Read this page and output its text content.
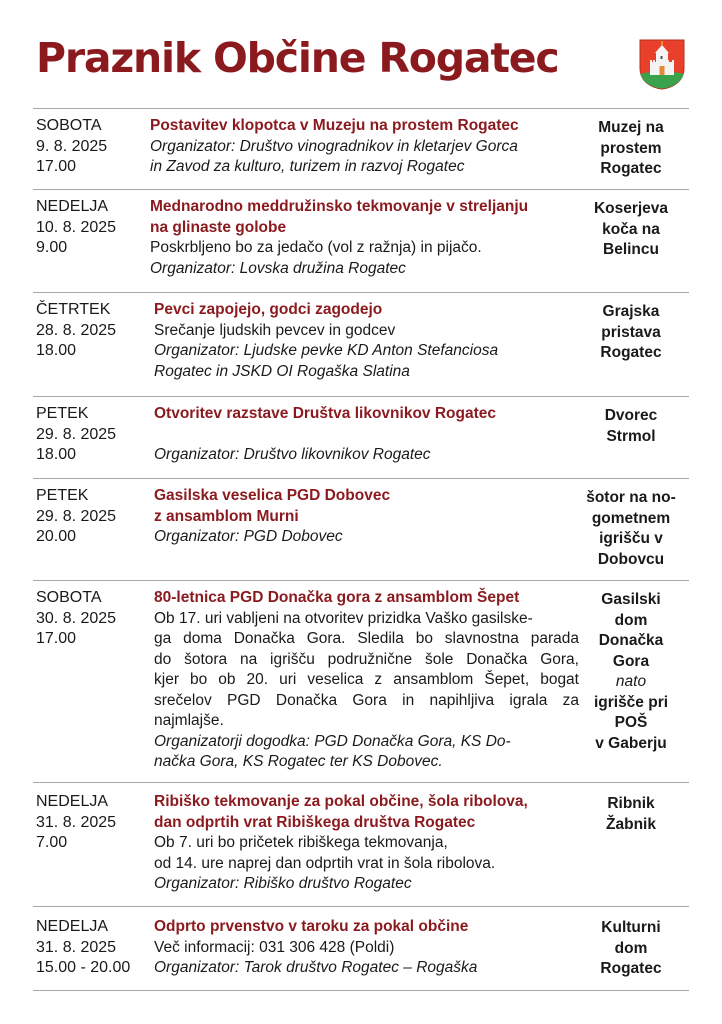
Praznik Občine Rogatec
SOBOTA
9. 8. 2025
17.00
Postavitev klopotca v Muzeju na prostem Rogatec
Organizator: Društvo vinogradnikov in kletarjev Gorca
in Zavod za kulturo, turizem in razvoj Rogatec
Muzej na
prostem
Rogatec
NEDELJA
10. 8. 2025
9.00
Mednarodno meddružinsko tekmovanje v streljanju
na glinaste golobe
Poskrbljeno bo za jedačo (vol z ražnja) in pijačo.
Organizator: Lovska družina Rogatec
Koserjeva
koča na
Belincu
ČETRTEK
28. 8. 2025
18.00
Pevci zapojejo, godci zagodejo
Srečanje ljudskih pevcev in godcev
Organizator: Ljudske pevke KD Anton Stefanciosa
Rogatec in JSKD OI Rogaška Slatina
Grajska
pristava
Rogatec
PETEK
29. 8. 2025
18.00
Otvoritev razstave Društva likovnikov Rogatec
Organizator: Društvo likovnikov Rogatec
Dvorec
Strmol
PETEK
29. 8. 2025
20.00
Gasilska veselica PGD Dobovec
z ansamblom Murni
Organizator: PGD Dobovec
šotor na no-
gometnem
igrišču v
Dobovcu
SOBOTA
30. 8. 2025
17.00
80-letnica PGD Donačka gora z ansamblom Šepet
Ob 17. uri vabljeni na otvoritev prizidka Vaško gasilske-
ga doma Donačka Gora. Sledila bo slavnostna parada
do šotora na igrišču podružnične šole Donačka Gora,
kjer bo ob 20. uri veselica z ansamblom Šepet, bogat
srečelov PGD Donačka Gora in napihljiva igrala za
najmlajše.
Organizatorji dogodka: PGD Donačka Gora, KS Do-
načka Gora, KS Rogatec ter KS Dobovec.
Gasilski
dom
Donačka
Gora
nato
igrišče pri
POŠ
v Gaberju
NEDELJA
31. 8. 2025
7.00
Ribiško tekmovanje za pokal občine, šola ribolova,
dan odprtih vrat Ribiškega društva Rogatec
Ob 7. uri bo pričetek ribiškega tekmovanja,
od 14. ure naprej dan odprtih vrat in šola ribolova.
Organizator: Ribiško društvo Rogatec
Ribnik
Žabnik
NEDELJA
31. 8. 2025
15.00 - 20.00
Odprto prvenstvo v taroku za pokal občine
Več informacij: 031 306 428 (Poldi)
Organizator: Tarok društvo Rogatec – Rogaška
Kulturni
dom
Rogatec
